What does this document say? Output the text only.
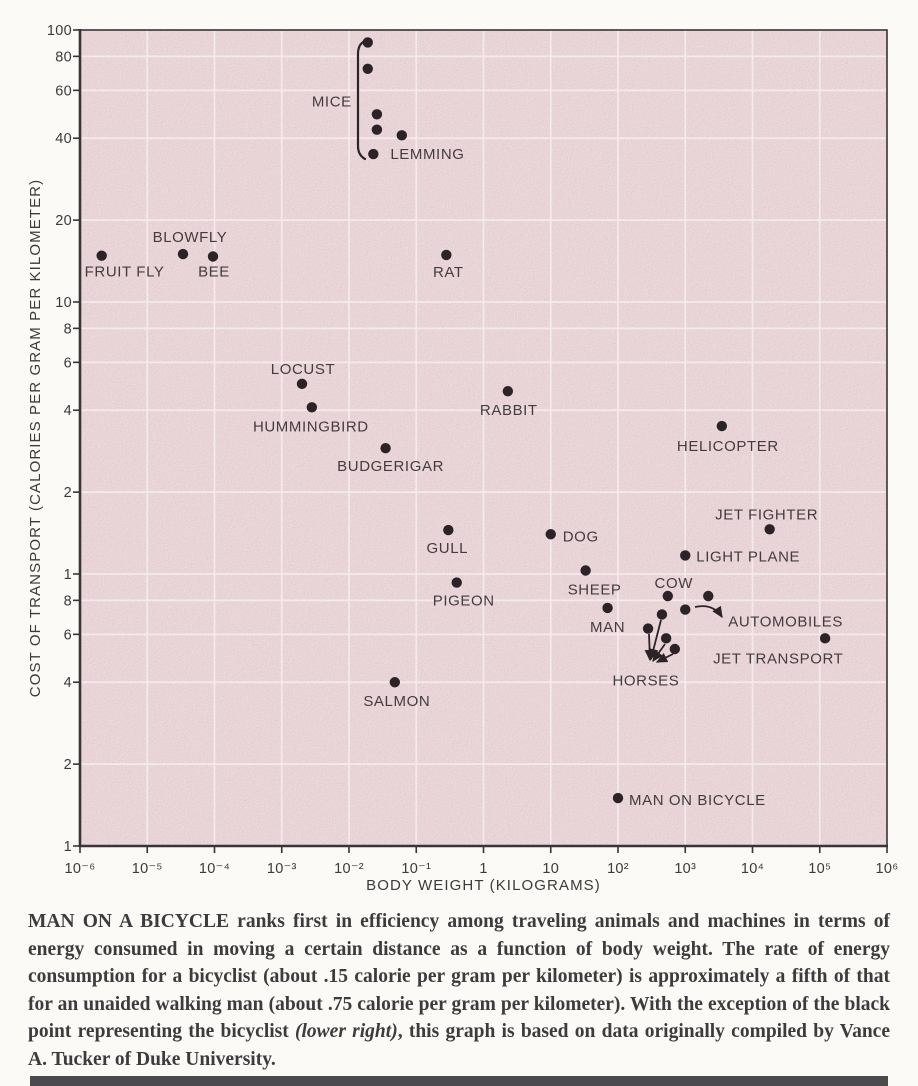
10⁻⁶	10⁻⁵ 10⁻⁴	10⁻³	10⁻²	10⁻¹	1	10	10²	10³	10⁴	10⁵	10⁶
100
80
60
40
20
10
8
6
4
2
1
8
6
4
2
1
BODY WEIGHT (KILOGRAMS)
COST OF TRANSPORT (CALORIES PER GRAM PER KILOMETER)	FRUIT FLY
BLOWFLY
BEE
MICE
LEMMING
RAT
LOCUST
HUMMINGBIRD
BUDGERIGAR
RABBIT
HELICOPTER
JET FIGHTER
LIGHT PLANE
DOG
GULL
SHEEP
PIGEON
COW
MAN	AUTOMOBILES
HORSES
JET TRANSPORT
SALMON
MAN ON BICYCLE

MAN ON A BICYCLE ranks first in efficiency among traveling animals and machines in terms of energy consumed in moving a certain distance as a function of body weight. The rate of energy consumption for a bicyclist (about .15 calorie per gram per kilometer) is approximately a fifth of that for an unaided walking man (about .75 calorie per gram per kilometer). With the exception of the black point representing the bicyclist (lower right), this graph is based on data originally compiled by Vance A. Tucker of Duke University.
